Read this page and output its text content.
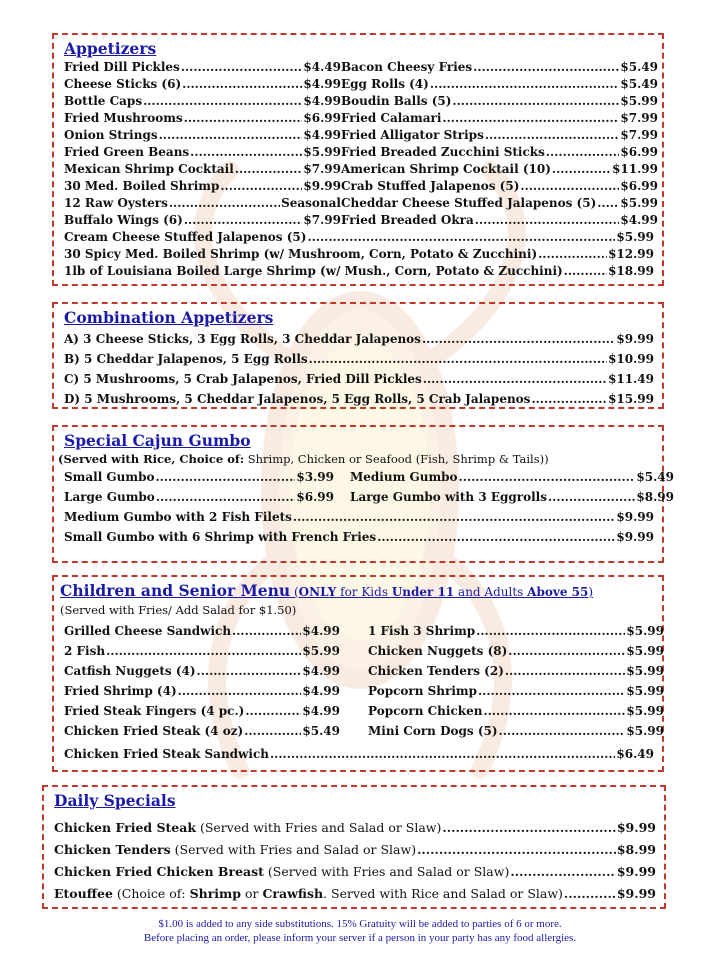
Appetizers
Fried Dill Pickles .....	$4.49
Cheese Sticks (6) .....	$4.99
Bottle Caps .....	$4.99
Fried Mushrooms .....	$6.99
Onion Strings .....	$4.99
Fried Green Beans .....	$5.99
Mexican Shrimp Cocktail .....	$7.99
30 Med. Boiled Shrimp .....	$9.99
12 Raw Oysters .....	Seasonal
Buffalo Wings (6) .....	$7.99
Bacon Cheesy Fries .....	$5.49
Egg Rolls (4) .....	$5.49
Boudin Balls (5) .....	$5.99
Fried Calamari .....	$7.99
Fried Alligator Strips .....	$7.99
Fried Breaded Zucchini Sticks .....	$6.99
American Shrimp Cocktail (10) .....	$11.99
Crab Stuffed Jalapenos (5) .....	$6.99
Cheddar Cheese Stuffed Jalapenos (5) ..... $5.99
Fried Breaded Okra .....	$4.99
Cream Cheese Stuffed Jalapenos (5) .....	$5.99
30 Spicy Med. Boiled Shrimp (w/ Mushroom, Corn, Potato & Zucchini) .....	$12.99
1lb of Louisiana Boiled Large Shrimp (w/ Mush., Corn, Potato & Zucchini) .....	$18.99
Combination Appetizers
A) 3 Cheese Sticks, 3 Egg Rolls, 3 Cheddar Jalapenos .....	$9.99
B) 5 Cheddar Jalapenos, 5 Egg Rolls .....	$10.99
C) 5 Mushrooms, 5 Crab Jalapenos, Fried Dill Pickles .....	$11.49
D) 5 Mushrooms, 5 Cheddar Jalapenos, 5 Egg Rolls, 5 Crab Jalapenos .....	$15.99
Special Cajun Gumbo
(Served with Rice, Choice of: Shrimp, Chicken or Seafood (Fish, Shrimp & Tails))
Small Gumbo .....	$3.99
Large Gumbo .....	$6.99
Medium Gumbo .....	$5.49
Large Gumbo with 3 Eggrolls .....	$8.99
Medium Gumbo with 2 Fish Filets .....	$9.99
Small Gumbo with 6 Shrimp with French Fries .....	$9.99
Children and Senior Menu (ONLY for Kids Under 11 and Adults Above 55)
(Served with Fries/ Add Salad for $1.50)
Grilled Cheese Sandwich .....	$4.99
2 Fish .....	$5.99
Catfish Nuggets (4) .....	$4.99
Fried Shrimp (4) .....	$4.99
Fried Steak Fingers (4 pc.) .....	$4.99
Chicken Fried Steak (4 oz) .....	$5.49
1 Fish 3 Shrimp .....	$5.99
Chicken Nuggets (8) .....	$5.99
Chicken Tenders (2) .....	$5.99
Popcorn Shrimp .....	$5.99
Popcorn Chicken .....	$5.99
Mini Corn Dogs (5) .....	$5.99
Chicken Fried Steak Sandwich .....	$6.49
Daily Specials
Chicken Fried Steak (Served with Fries and Salad or Slaw) .....	$9.99
Chicken Tenders (Served with Fries and Salad or Slaw) .....	$8.99
Chicken Fried Chicken Breast (Served with Fries and Salad or Slaw) .....	$9.99
Etouffee (Choice of: Shrimp or Crawfish. Served with Rice and Salad or Slaw) .....	$9.99
$1.00 is added to any side substitutions. 15% Gratuity will be added to parties of 6 or more.
Before placing an order, please inform your server if a person in your party has any food allergies.
